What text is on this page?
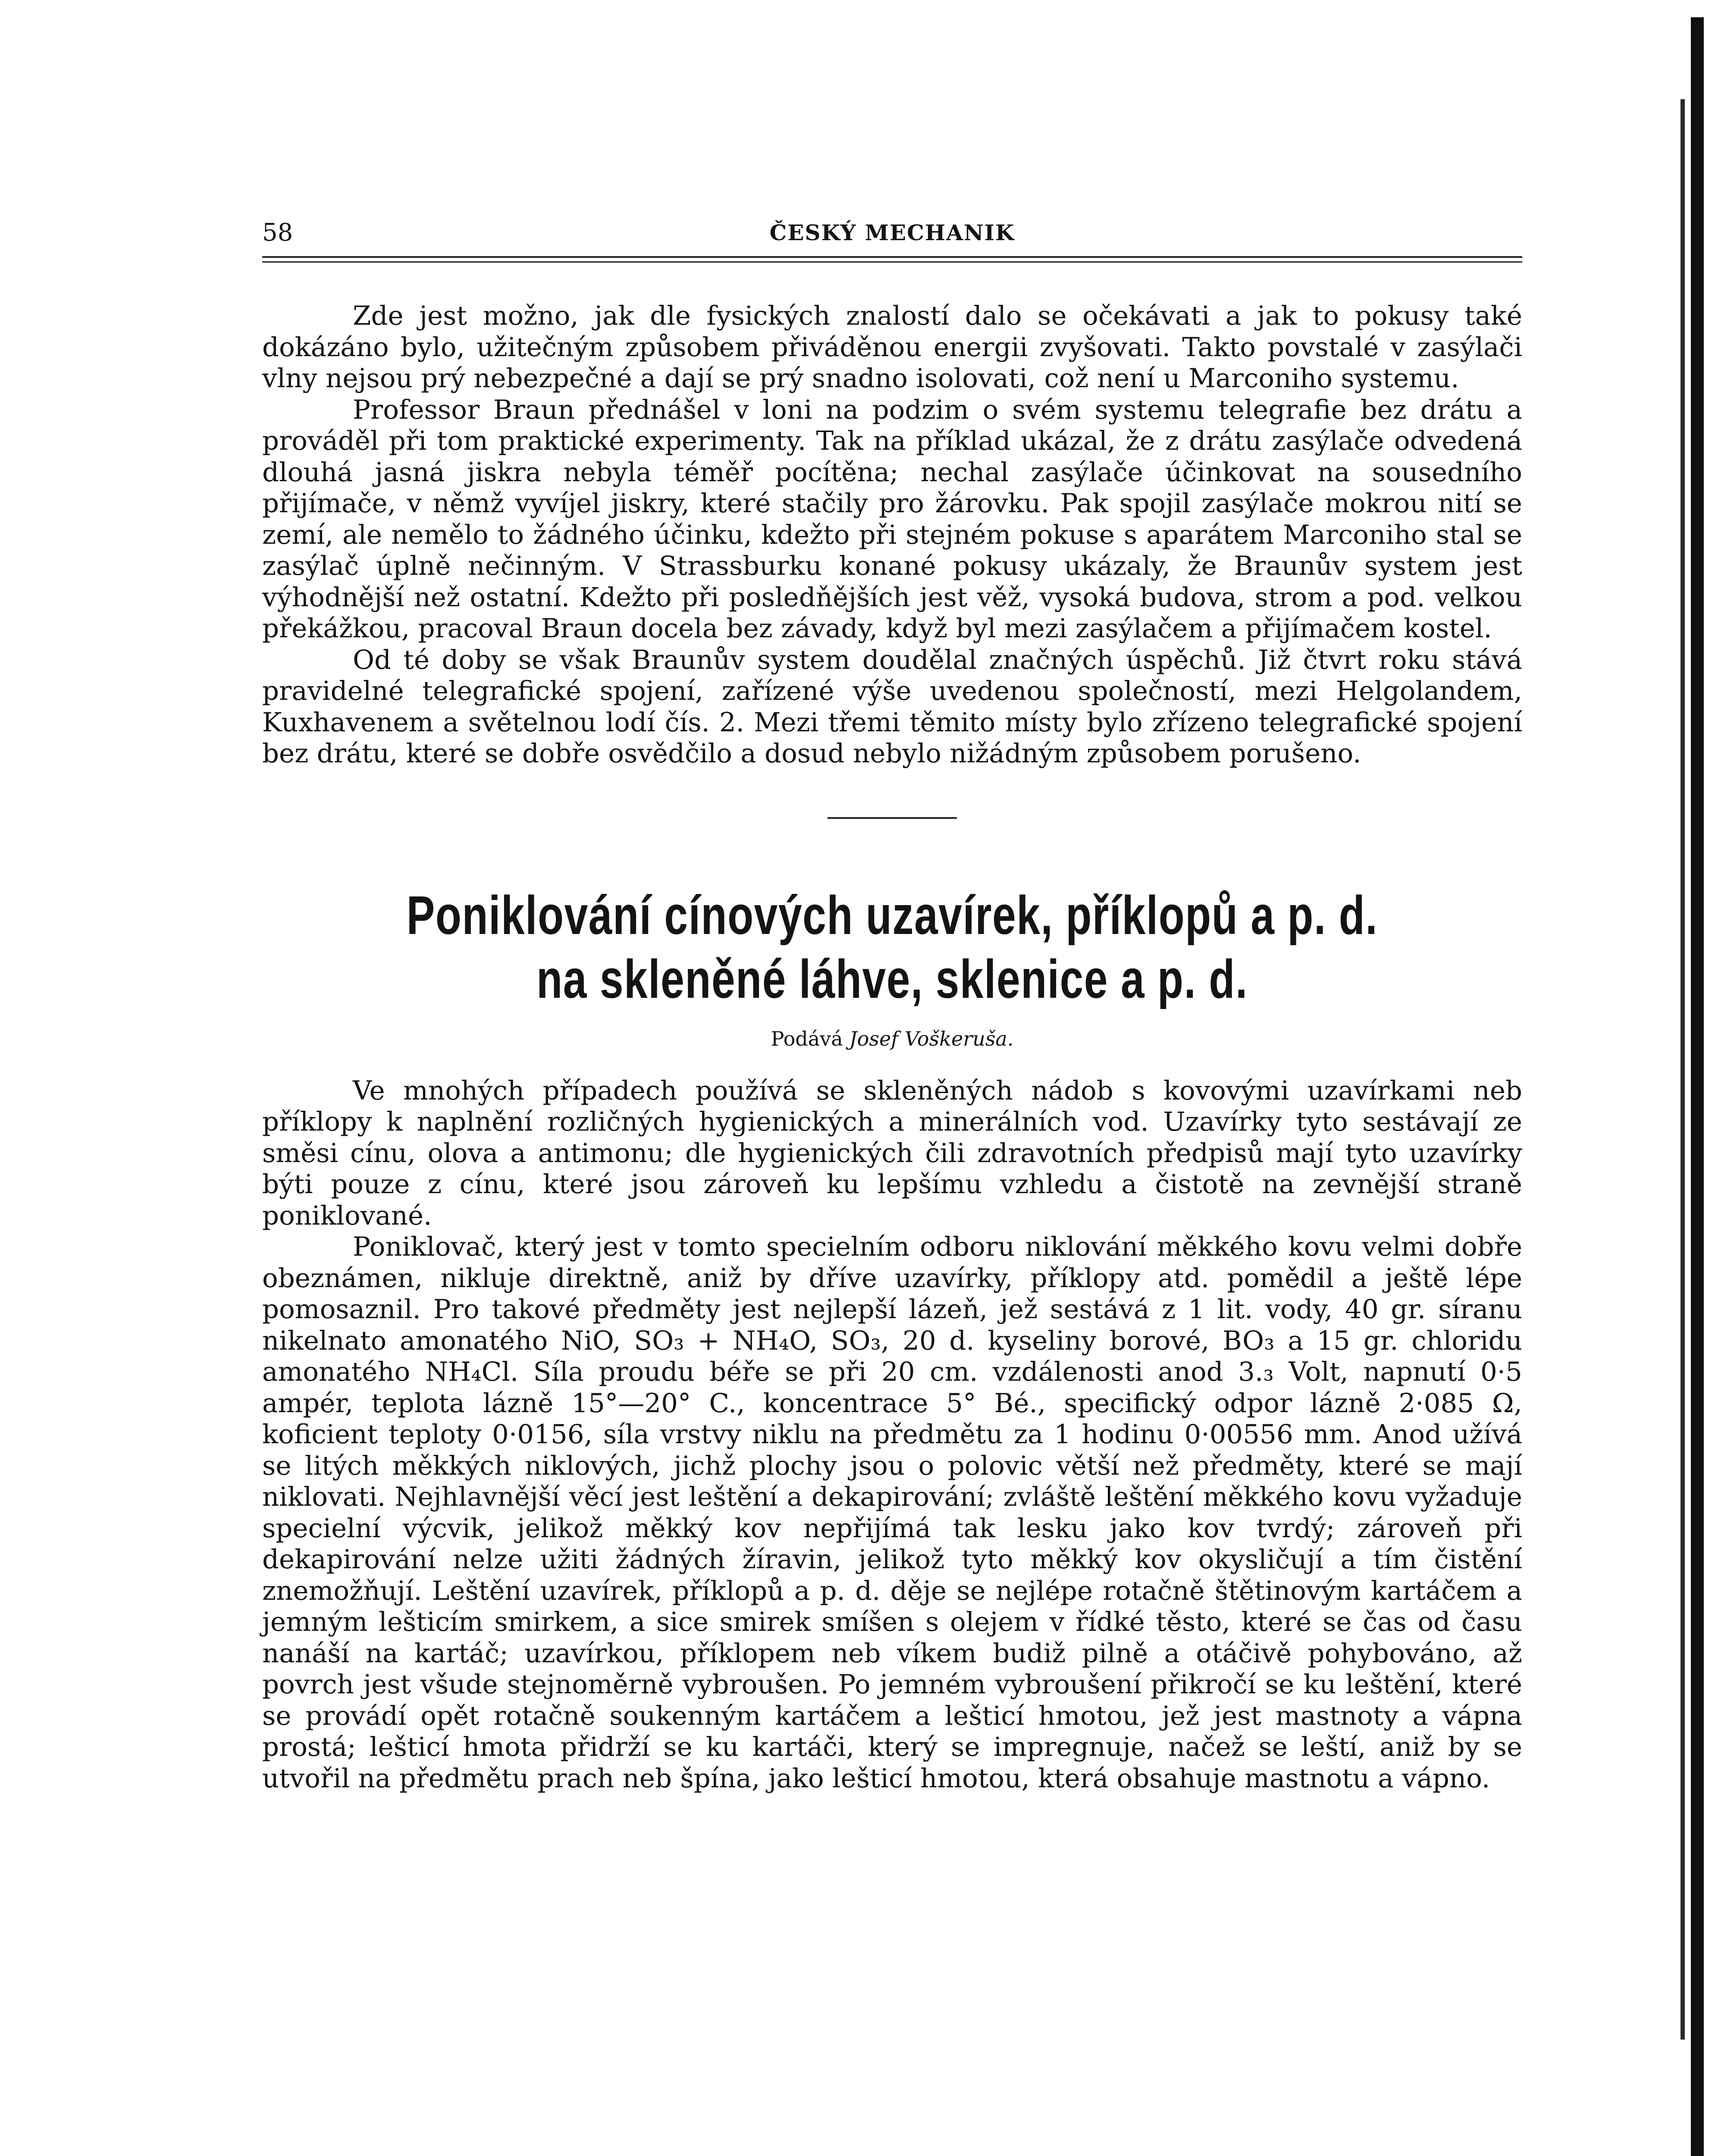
58	ČESKÝ MECHANIK

Zde jest možno, jak dle fysických znalostí dalo se očekávati a jak to pokusy také dokázáno bylo, užitečným způsobem přiváděnou energii zvyšovati. Takto povstalé v zasýlači vlny nejsou prý nebezpečné a dají se prý snadno isolovati, což není u Marconiho systemu.

Professor Braun přednášel v loni na podzim o svém systemu telegrafie bez drátu a prováděl při tom praktické experimenty. Tak na příklad ukázal, že z drátu zasýlače odvedená dlouhá jasná jiskra nebyla téměř pocítěna; nechal zasýlače účinkovat na sousedního přijímače, v němž vyvíjel jiskry, které stačily pro žárovku. Pak spojil zasýlače mokrou nití se zemí, ale nemělo to žádného účinku, kdežto při stejném pokuse s aparátem Marconiho stal se zasýlač úplně nečinným. V Strassburku konané pokusy ukázaly, že Braunův system jest výhodnější než ostatní. Kdežto při posledňějších jest věž, vysoká budova, strom a pod. velkou překážkou, pracoval Braun docela bez závady, když byl mezi zasýlačem a přijímačem kostel.

Od té doby se však Braunův system doudělal značných úspěchů. Již čtvrt roku stává pravidelné telegrafické spojení, zařízené výše uvedenou společností, mezi Helgolandem, Kuxhavenem a světelnou lodí čís. 2. Mezi třemi těmito místy bylo zřízeno telegrafické spojení bez drátu, které se dobře osvědčilo a dosud nebylo nižádným způsobem porušeno.

Poniklování cínových uzavírek, příklopů a p. d.
na skleněné láhve, sklenice a p. d.
Podává Josef Voškeruša.

Ve mnohých případech používá se skleněných nádob s kovovými uzavírkami neb příklopy k naplnění rozličných hygienických a minerálních vod. Uzavírky tyto sestávají ze směsi cínu, olova a antimonu; dle hygienických čili zdravotních předpisů mají tyto uzavírky býti pouze z cínu, které jsou zároveň ku lepšímu vzhledu a čistotě na zevnější straně poniklované.

Poniklovač, který jest v tomto specielním odboru niklování měkkého kovu velmi dobře obeznámen, nikluje direktně, aniž by dříve uzavírky, příklopy atd. pomědil a ještě lépe pomosaznil. Pro takové předměty jest nejlepší lázeň, jež sestává z 1 lit. vody, 40 gr. síranu nikelnato amonatého NiO, SO₃ + NH₄O, SO₃, 20 d. kyseliny borové, BO₃ a 15 gr. chloridu amonatého NH₄Cl. Síla proudu béře se při 20 cm. vzdálenosti anod 3.₃ Volt, napnutí 0·5 ampér, teplota lázně 15°—20° C., koncentrace 5° Bé., specifický odpor lázně 2·085 Ω, koficient teploty 0·0156, síla vrstvy niklu na předmětu za 1 hodinu 0·00556 mm. Anod užívá se litých měkkých niklových, jichž plochy jsou o polovic větší než předměty, které se mají niklovati. Nejhlavnější věcí jest leštění a dekapirování; zvláště leštění měkkého kovu vyžaduje specielní výcvik, jelikož měkký kov nepřijímá tak lesku jako kov tvrdý; zároveň při dekapirování nelze užiti žádných žíravin, jelikož tyto měkký kov okysličují a tím čistění znemožňují. Leštění uzavírek, příklopů a p. d. děje se nejlépe rotačně štětinovým kartáčem a jemným lešticím smirkem, a sice smirek smíšen s olejem v řídké těsto, které se čas od času nanáší na kartáč; uzavírkou, příklopem neb víkem budiž pilně a otáčivě pohybováno, až povrch jest všude stejnoměrně vybroušen. Po jemném vybroušení přikročí se ku leštění, které se provádí opět rotačně soukenným kartáčem a lešticí hmotou, jež jest mastnoty a vápna prostá; lešticí hmota přidrží se ku kartáči, který se impregnuje, načež se leští, aniž by se utvořil na předmětu prach neb špína, jako lešticí hmotou, která obsahuje mastnotu a vápno.
